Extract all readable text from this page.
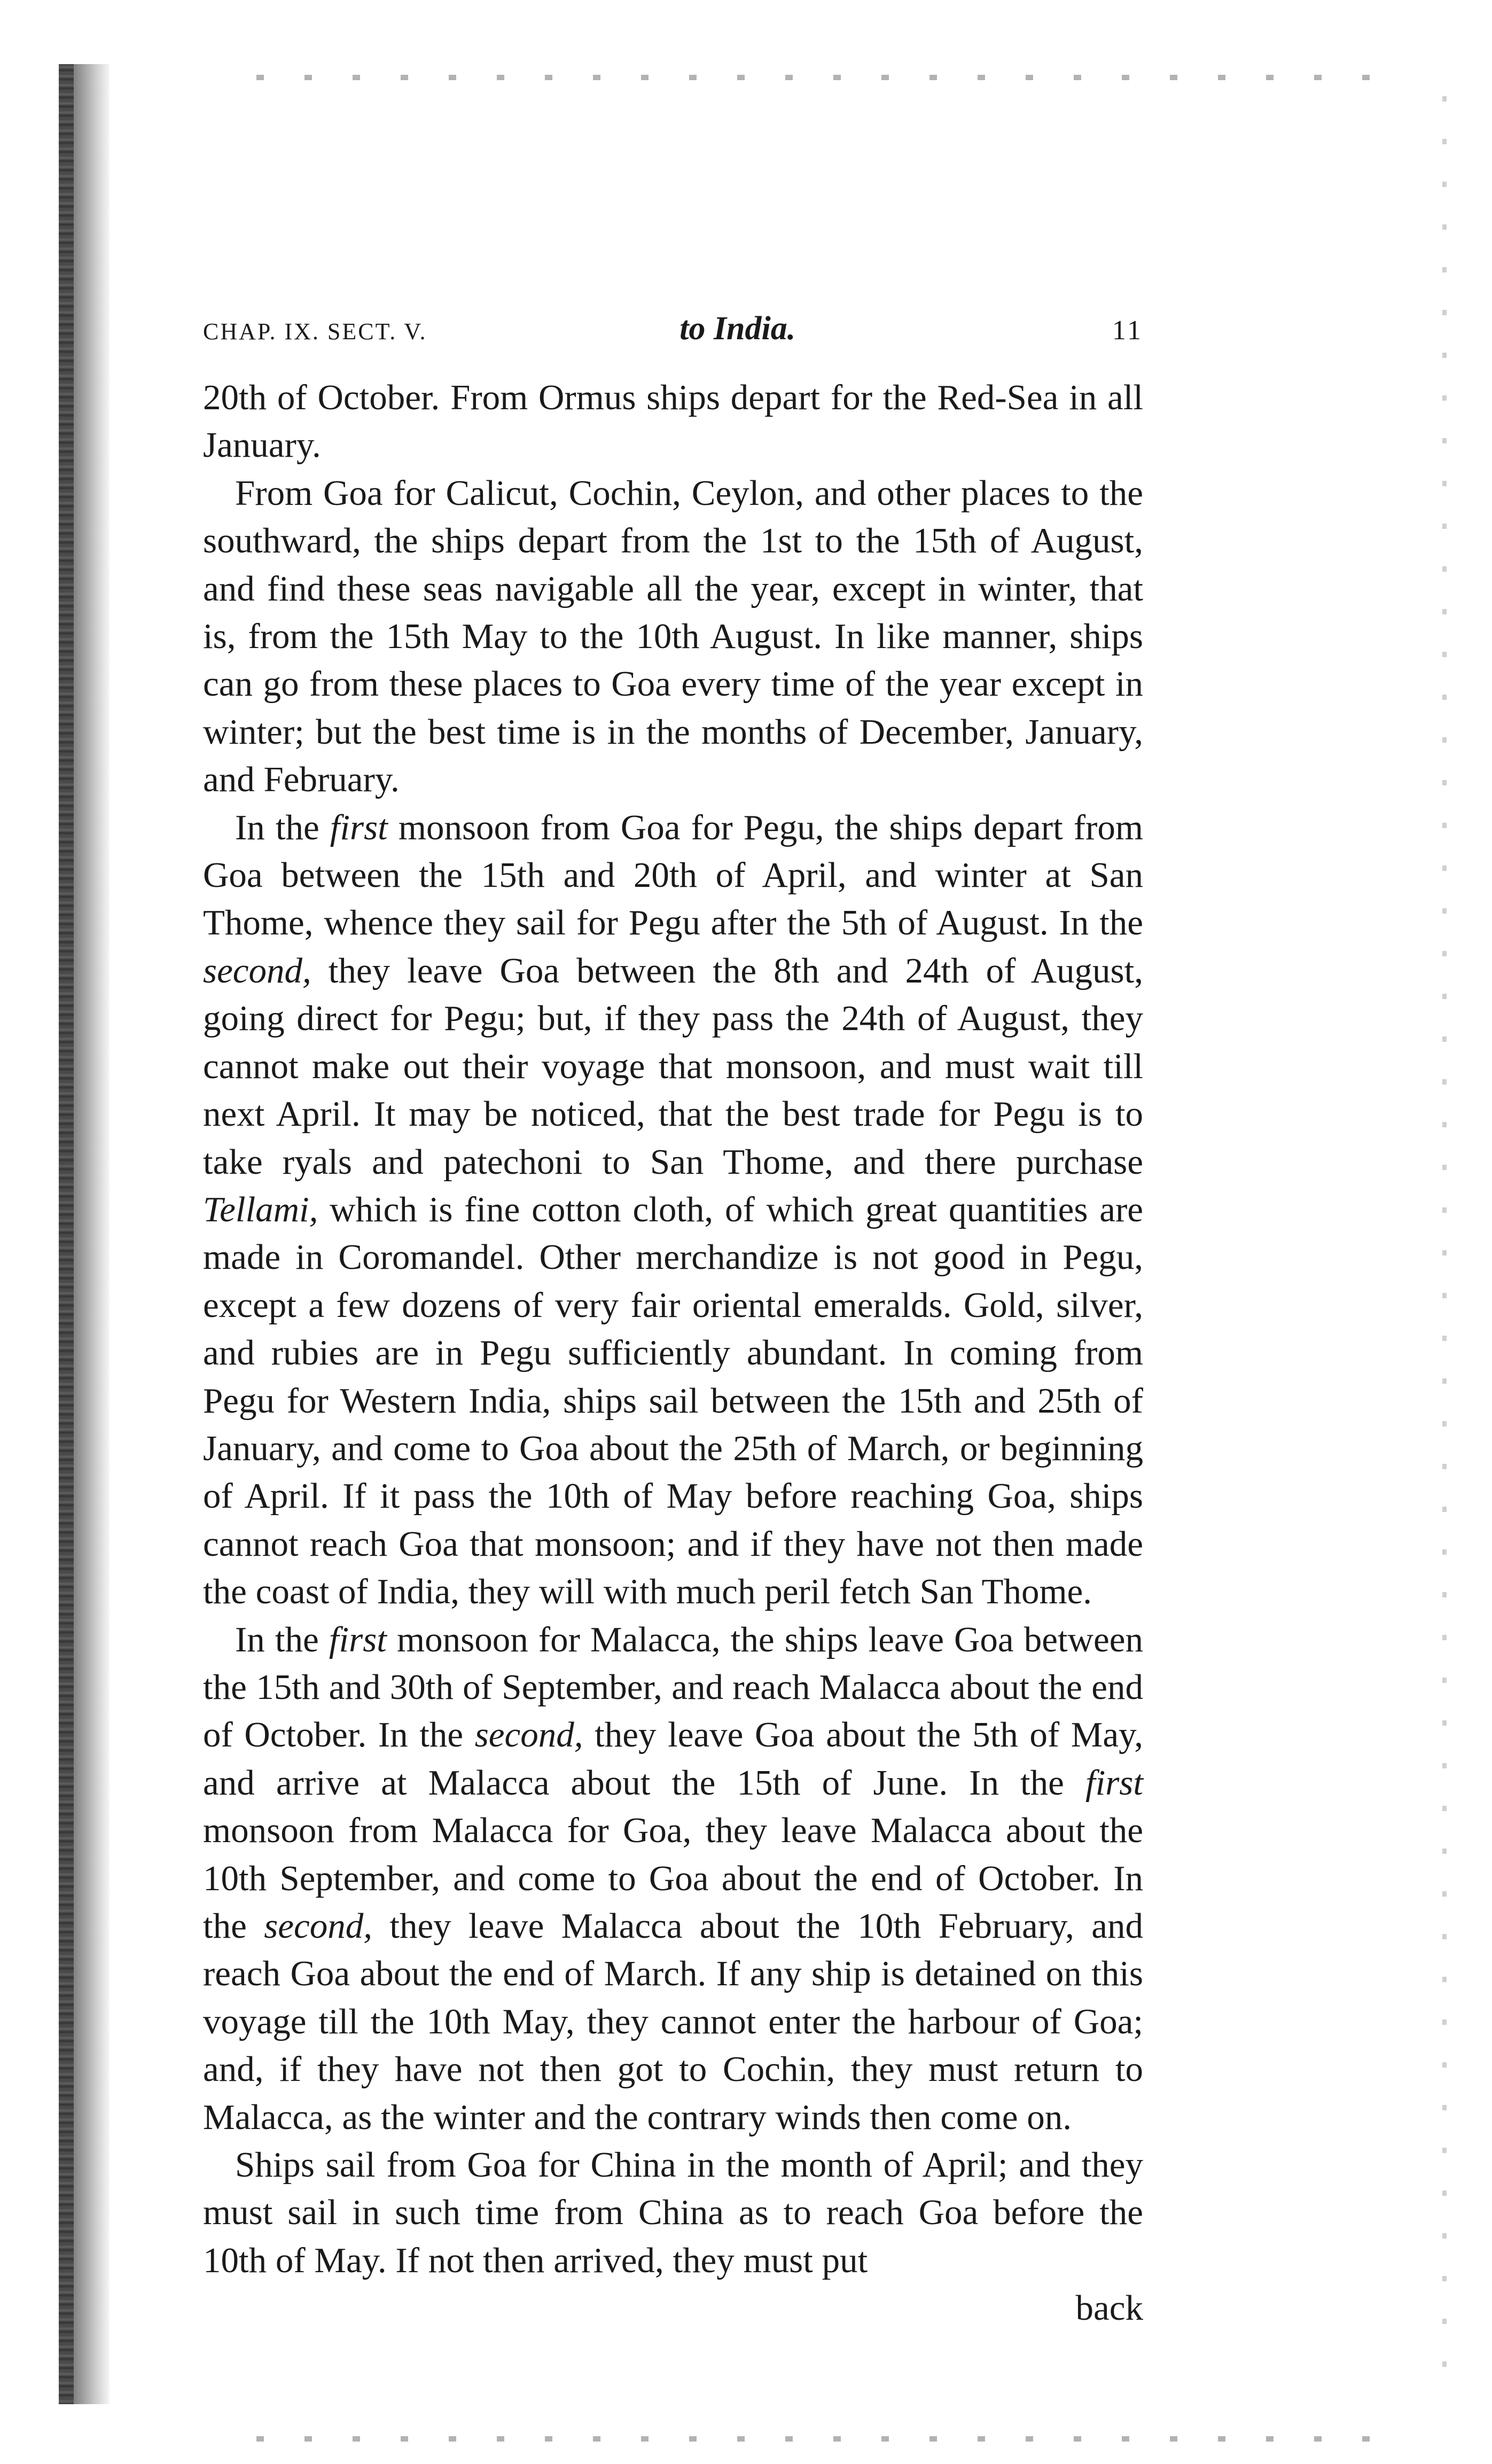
CHAP. IX. SECT. V.	to India.	11

20th of October. From Ormus ships depart for the Red-Sea in all January.

From Goa for Calicut, Cochin, Ceylon, and other places to the southward, the ships depart from the 1st to the 15th of August, and find these seas navigable all the year, except in winter, that is, from the 15th May to the 10th August. In like manner, ships can go from these places to Goa every time of the year except in winter; but the best time is in the months of December, January, and February.

In the first monsoon from Goa for Pegu, the ships depart from Goa between the 15th and 20th of April, and winter at San Thome, whence they sail for Pegu after the 5th of August. In the second, they leave Goa between the 8th and 24th of August, going direct for Pegu; but, if they pass the 24th of August, they cannot make out their voyage that monsoon, and must wait till next April. It may be noticed, that the best trade for Pegu is to take ryals and patechoni to San Thome, and there purchase Tellami, which is fine cotton cloth, of which great quantities are made in Coromandel. Other merchandize is not good in Pegu, except a few dozens of very fair oriental emeralds. Gold, silver, and rubies are in Pegu sufficiently abundant. In coming from Pegu for Western India, ships sail between the 15th and 25th of January, and come to Goa about the 25th of March, or beginning of April. If it pass the 10th of May before reaching Goa, ships cannot reach Goa that monsoon; and if they have not then made the coast of India, they will with much peril fetch San Thome.

In the first monsoon for Malacca, the ships leave Goa between the 15th and 30th of September, and reach Malacca about the end of October. In the second, they leave Goa about the 5th of May, and arrive at Malacca about the 15th of June. In the first monsoon from Malacca for Goa, they leave Malacca about the 10th September, and come to Goa about the end of October. In the second, they leave Malacca about the 10th February, and reach Goa about the end of March. If any ship is detained on this voyage till the 10th May, they cannot enter the harbour of Goa; and, if they have not then got to Cochin, they must return to Malacca, as the winter and the contrary winds then come on.

Ships sail from Goa for China in the month of April; and they must sail in such time from China as to reach Goa before the 10th of May. If not then arrived, they must put

back
